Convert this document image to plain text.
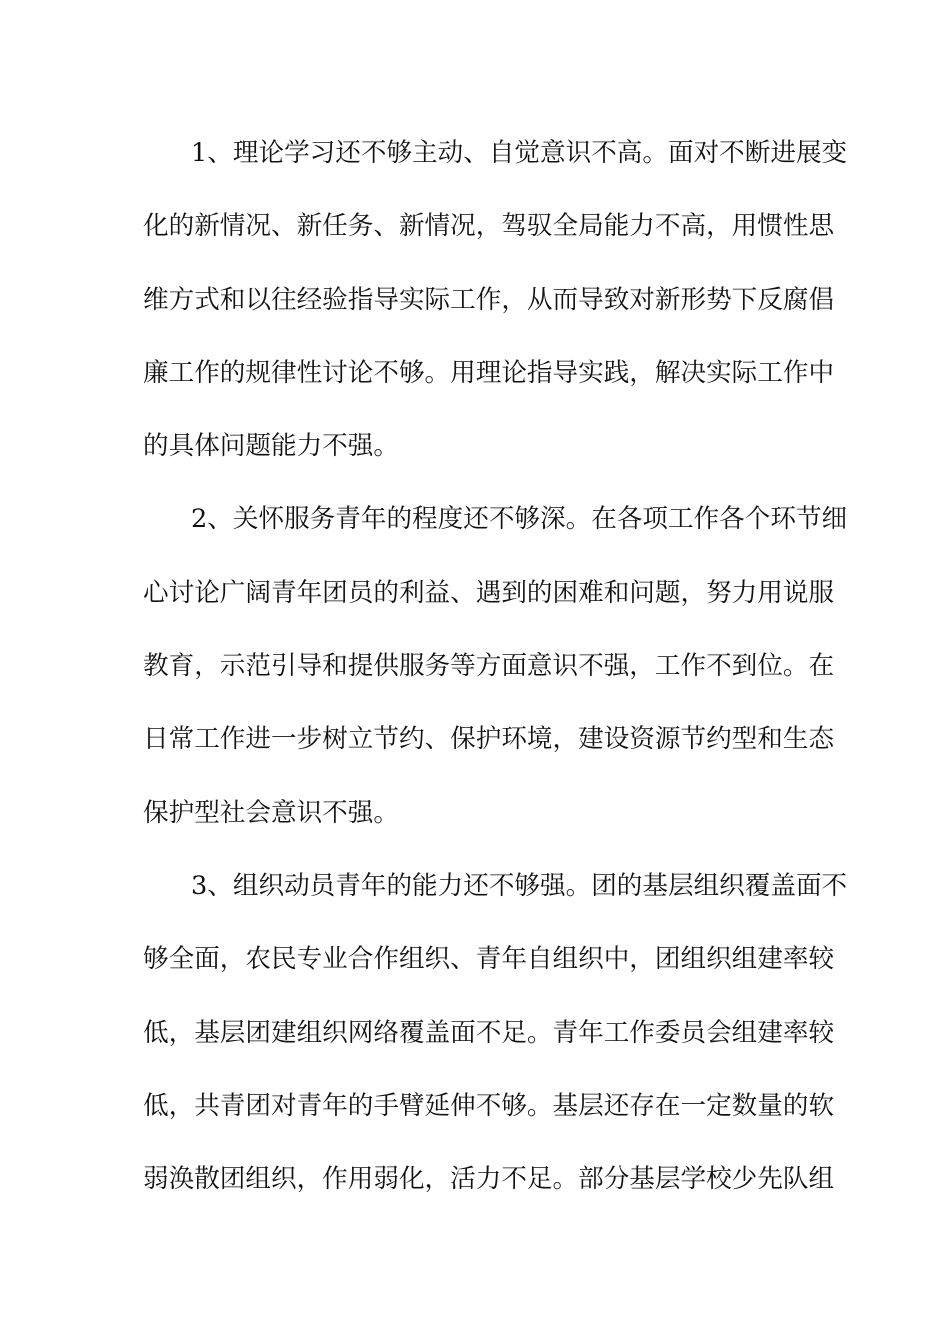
1、理论学习还不够主动、自觉意识不高。面对不断进展变
化的新情况、新任务、新情况，驾驭全局能力不高，用惯性思
维方式和以往经验指导实际工作，从而导致对新形势下反腐倡
廉工作的规律性讨论不够。用理论指导实践，解决实际工作中
的具体问题能力不强。
2、关怀服务青年的程度还不够深。在各项工作各个环节细
心讨论广阔青年团员的利益、遇到的困难和问题，努力用说服
教育，示范引导和提供服务等方面意识不强，工作不到位。在
日常工作进一步树立节约、保护环境，建设资源节约型和生态
保护型社会意识不强。
3、组织动员青年的能力还不够强。团的基层组织覆盖面不
够全面，农民专业合作组织、青年自组织中，团组织组建率较
低，基层团建组织网络覆盖面不足。青年工作委员会组建率较
低，共青团对青年的手臂延伸不够。基层还存在一定数量的软
弱涣散团组织，作用弱化，活力不足。部分基层学校少先队组
